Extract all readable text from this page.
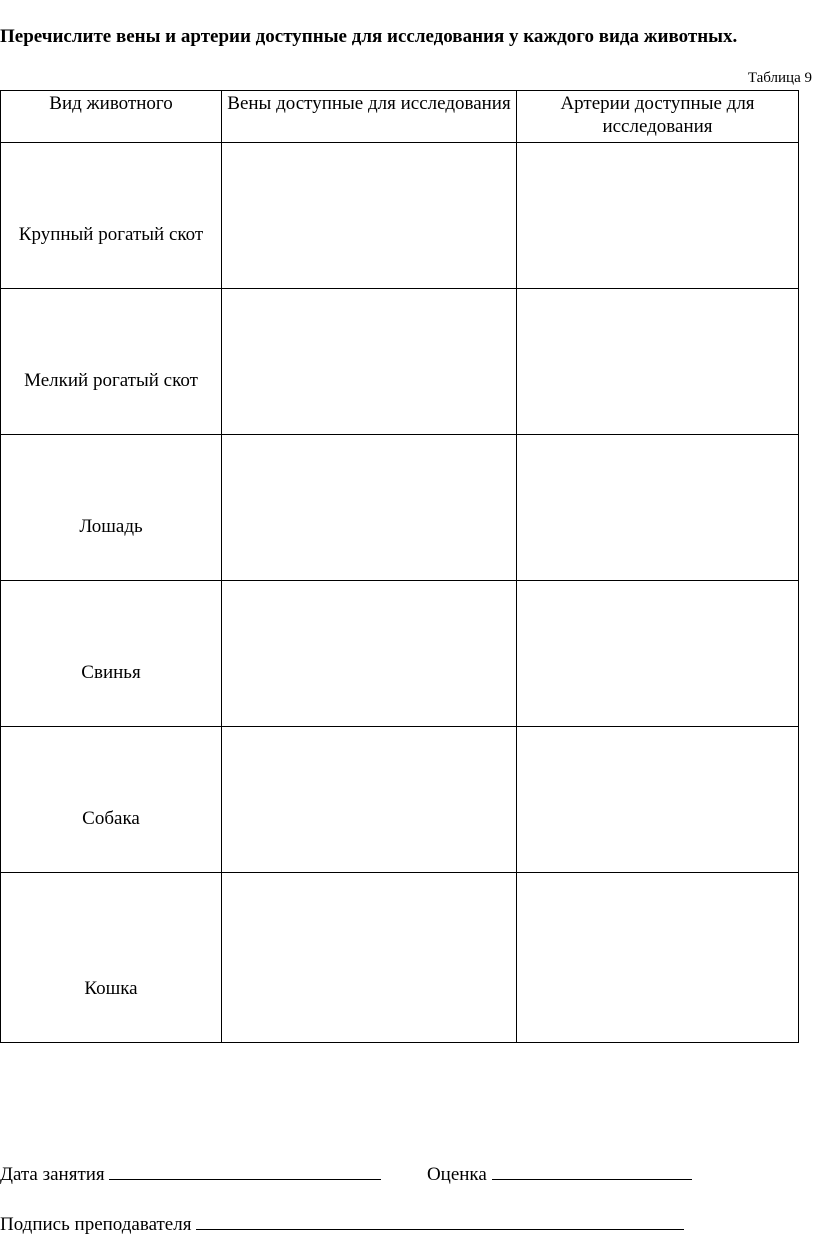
Перечислите вены и артерии доступные для исследования у каждого вида животных.
Таблица 9
Вид животного	Вены доступные для исследования	Артерии доступные для исследования
Крупный рогатый скот		
Мелкий рогатый скот		
Лошадь		
Свинья		
Собака		
Кошка		
Дата занятия	Оценка
Подпись преподавателя
